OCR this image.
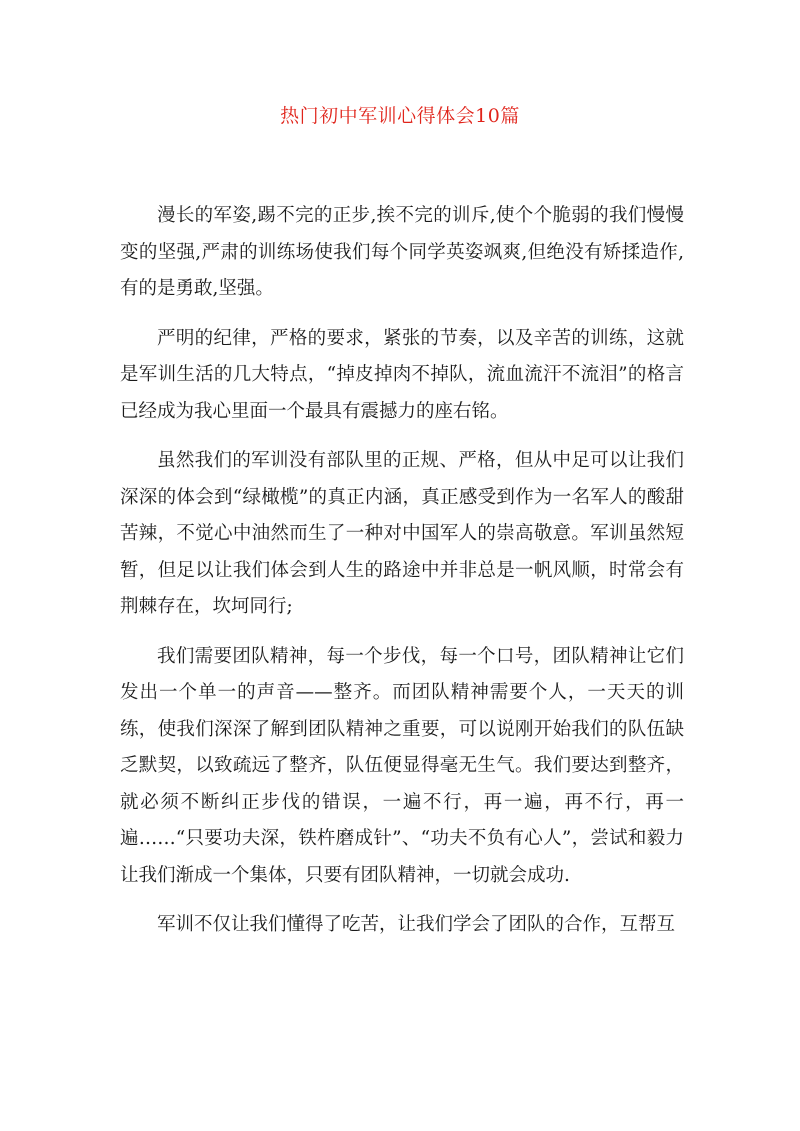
热门初中军训心得体会10篇

漫长的军姿,踢不完的正步,挨不完的训斥,使个个脆弱的我们慢慢变的坚强,严肃的训练场使我们每个同学英姿飒爽,但绝没有矫揉造作,有的是勇敢,坚强。

严明的纪律，严格的要求，紧张的节奏，以及辛苦的训练，这就是军训生活的几大特点，“掉皮掉肉不掉队，流血流汗不流泪”的格言已经成为我心里面一个最具有震撼力的座右铭。

虽然我们的军训没有部队里的正规、严格，但从中足可以让我们深深的体会到“绿橄榄”的真正内涵，真正感受到作为一名军人的酸甜苦辣，不觉心中油然而生了一种对中国军人的崇高敬意。军训虽然短暂，但足以让我们体会到人生的路途中并非总是一帆风顺，时常会有荆棘存在，坎坷同行;

我们需要团队精神，每一个步伐，每一个口号，团队精神让它们发出一个单一的声音——整齐。而团队精神需要个人，一天天的训练，使我们深深了解到团队精神之重要，可以说刚开始我们的队伍缺乏默契，以致疏远了整齐，队伍便显得毫无生气。我们要达到整齐，就必须不断纠正步伐的错误，一遍不行，再一遍，再不行，再一遍……“只要功夫深，铁杵磨成针”、“功夫不负有心人”，尝试和毅力让我们渐成一个集体，只要有团队精神，一切就会成功.

军训不仅让我们懂得了吃苦，让我们学会了团队的合作，互帮互
